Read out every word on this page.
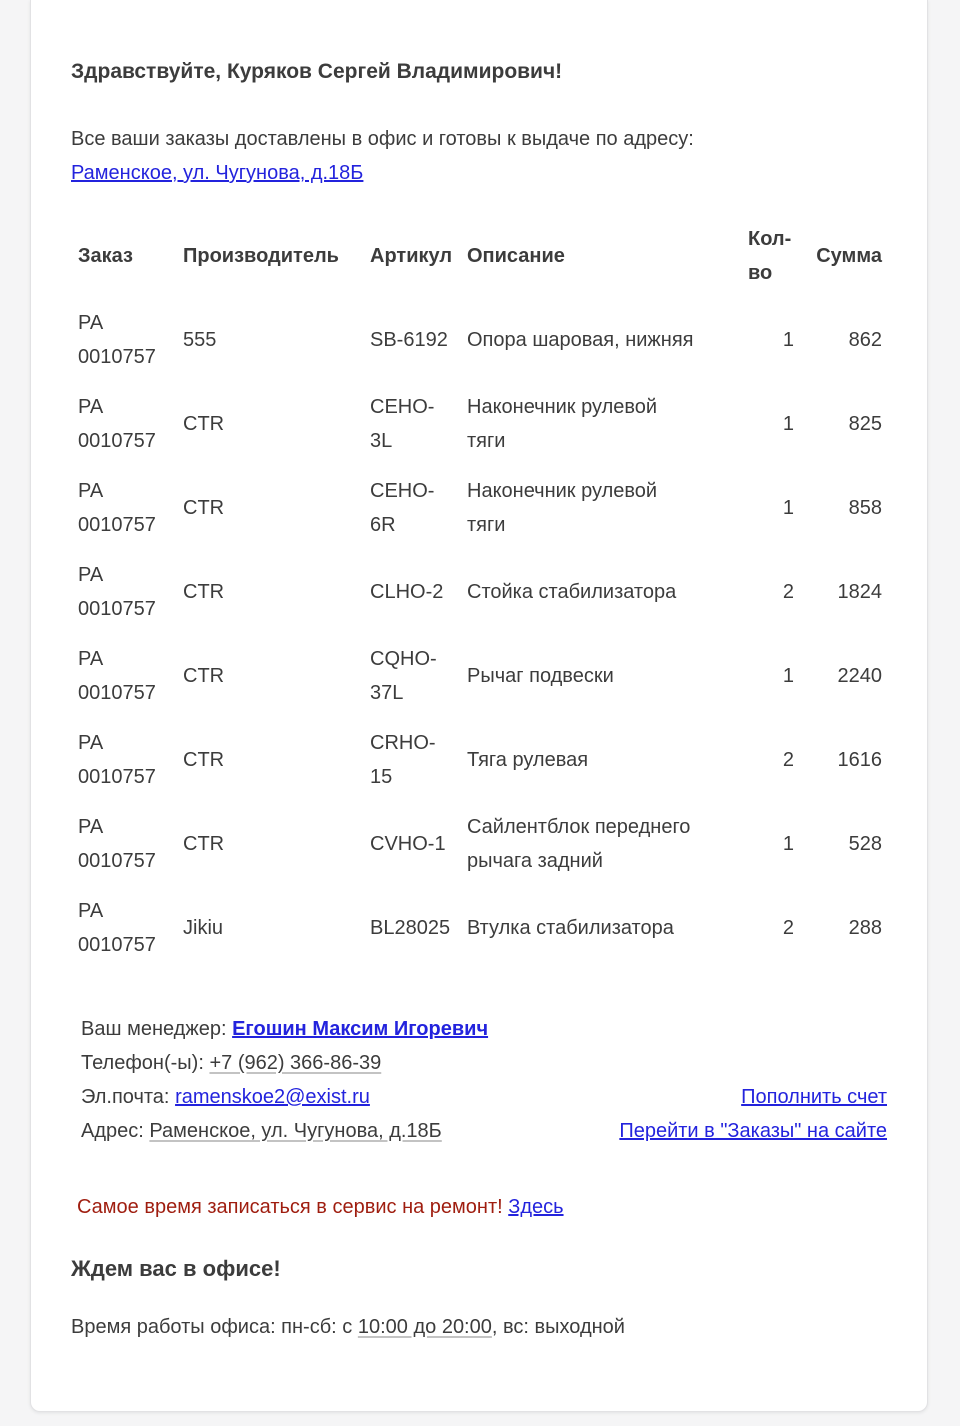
Здравствуйте, Куряков Сергей Владимирович!

Все ваши заказы доставлены в офис и готовы к выдаче по адресу:
Раменское, ул. Чугунова, д.18Б

Заказ	Производитель	Артикул	Описание	Кол-во	Сумма
PA 0010757	555	SB-6192	Опора шаровая, нижняя	1	862
PA 0010757	CTR	CEHO-3L	Наконечник рулевой тяги	1	825
PA 0010757	CTR	CEHO-6R	Наконечник рулевой тяги	1	858
PA 0010757	CTR	CLHO-2	Стойка стабилизатора	2	1824
PA 0010757	CTR	CQHO-37L	Рычаг подвески	1	2240
PA 0010757	CTR	CRHO-15	Тяга рулевая	2	1616
PA 0010757	CTR	CVHO-1	Сайлентблок переднего рычага задний	1	528
PA 0010757	Jikiu	BL28025	Втулка стабилизатора	2	288
Ваш менеджер: Егошин Максим Игоревич
Телефон(-ы): +7 (962) 366-86-39
Эл.почта: ramenskoe2@exist.ru	Пополнить счет
Адрес: Раменское, ул. Чугунова, д.18Б	Перейти в "Заказы" на сайте

Самое время записаться в сервис на ремонт! Здесь

Ждем вас в офисе!

Время работы офиса: пн-сб: с 10:00 до 20:00, вс: выходной
